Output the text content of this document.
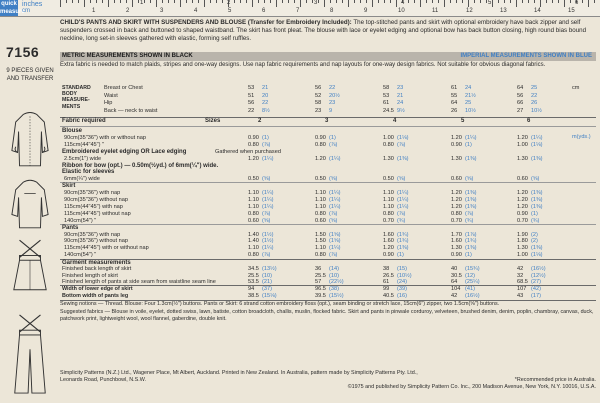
quick measure
inches
cm
1	2	3	4	5	6
1	2	3	4	5	6	7	8	9	10	11	12	13	14	15
7156
9 PIECES GIVEN AND TRANSFER
CHILD'S PANTS AND SKIRT WITH SUSPENDERS AND BLOUSE (Transfer for Embroidery Included): The top-stitched pants and skirt with optional embroidery have back zipper and self suspenders crossed in back and buttoned to shaped waistband. The skirt has front pleat. The blouse with lace or eyelet edging and optional bow has back button closing, high round bias bound neckline, long set-in sleeves gathered with elastic, forming self ruffles.
METRIC MEASUREMENTS SHOWN IN BLACK	IMPERIAL MEASUREMENTS SHOWN IN BLUE
Extra fabric is needed to match plaids, stripes and one-way designs. Use nap fabric requirements and nap layouts for one-way design fabrics. Not suitable for obvious diagonal fabrics.
STANDARD BODY MEASURE- MENTS
Fabric required	Sizes
m(yds.)
Simplicity Patterns (N.Z.) Ltd., Wagener Place, Mt Albert, Auckland. Printed in New Zealand. In Australia, pattern made by Simplicity Patterns Pty. Ltd.,
Leonards Road, Punchbowl, N.S.W.	*Recommended price in Australia.
©1975 and published by Simplicity Pattern Co. Inc., 200 Madison Avenue, New York, N.Y. 10016, U.S.A.
Breast or Chest	53 21	56 22	58 23	61 24	64 25	cm
Waist	51 20	52 20½	53 21	55 21½	56 22
Hip	56 22	58 23	61 24	64 25	66 26
Back — neck to waist	22 8½	23 9	24.5 9½	26 10½	27 10½
2	3	4	5	6
Blouse
90cm(35"36") with or without nap	0.90 (1)	0.90 (1)	1.00 (1⅛)	1.20 (1¼)	1.20 (1¼)
115cm(44"45") "	0.80 (⅞)	0.80 (⅞)	0.80 (⅞)	0.90 (1)	1.00 (1⅛)
Embroidered eyelet edging OR Lace edging	Gathered when purchased
2.5cm(1") wide	1.20 (1¼)	1.20 (1¼)	1.30 (1⅜)	1.30 (1⅜)	1.30 (1⅜)
Ribbon for bow (opt.) — 0.50m(½yd.) of 6mm(¼") wide.
Elastic for sleeves
6mm(¼") wide	0.50 (⅝)	0.50 (⅝)	0.50 (⅝)	0.60 (⅝)	0.60 (⅝)
Skirt
90cm(35"36") with nap	1.10 (1¼)	1.10 (1¼)	1.10 (1¼)	1.20 (1⅜)	1.20 (1⅜)
90cm(35"36") without nap	1.10 (1¼)	1.10 (1¼)	1.10 (1¼)	1.20 (1⅜)	1.20 (1⅜)
115cm(44"45") with nap	1.10 (1¼)	1.10 (1¼)	1.10 (1¼)	1.20 (1⅜)	1.20 (1⅜)
115cm(44"45") without nap	0.80 (⅞)	0.80 (⅞)	0.80 (⅞)	0.80 (⅞)	0.90 (1)
140cm(54") "	0.60 (⅝)	0.60 (⅝)	0.70 (¾)	0.70 (¾)	0.70 (¾)
Pants
90cm(35"36") with nap	1.40 (1½)	1.50 (1⅝)	1.60 (1¾)	1.70 (1⅞)	1.90 (2)
90cm(35"36") without nap	1.40 (1½)	1.50 (1⅝)	1.60 (1¾)	1.60 (1¾)	1.80 (2)
115cm(44"45") with or without nap	1.10 (1¼)	1.10 (1¼)	1.20 (1⅜)	1.30 (1⅜)	1.30 (1⅜)
140cm(54") "	0.80 (⅞)	0.80 (⅞)	0.90 (1)	0.90 (1)	1.00 (1⅛)
Garment measurements
Finished back length of skirt	34.5 (13½)	36 (14)	38 (15)	40 (15¾)	42 (16½)
Finished length of skirt	25.5 (10)	25.5 (10)	26.5 (10½)	30.5 (12)	32 (12½)
Finished length of pants at side seam from waistline seam line	53.5 (21)	57 (22½)	61 (24)	64 (25¼)	68.5 (27)
Width of lower edge of skirt	94 (37)	96.5 (38)	99 (39)	104 (41)	107 (42)
Bottom width of pants leg	38.5 (15⅛)	39.5 (15½)	40.5 (16)	42 (16½)	43 (17)
Sewing notions — Thread. Blouse: Four 1.3cm(½") buttons. Pants or Skirt: 6 strand cotton embroidery floss (opt.), seam binding or stretch lace, 15cm(6") zipper, two 1.5cm(⅝") buttons.
Suggested fabrics — Blouse in voile, eyelet, dotted swiss, lawn, batiste, cotton broadcloth, challis, muslin, flocked fabric. Skirt and pants in pinwale corduroy, velveteen, brushed denim, denim, poplin, chambray, canvas, duck, patchwork print, lightweight wool, wool flannel, gaberdine, double knit.
